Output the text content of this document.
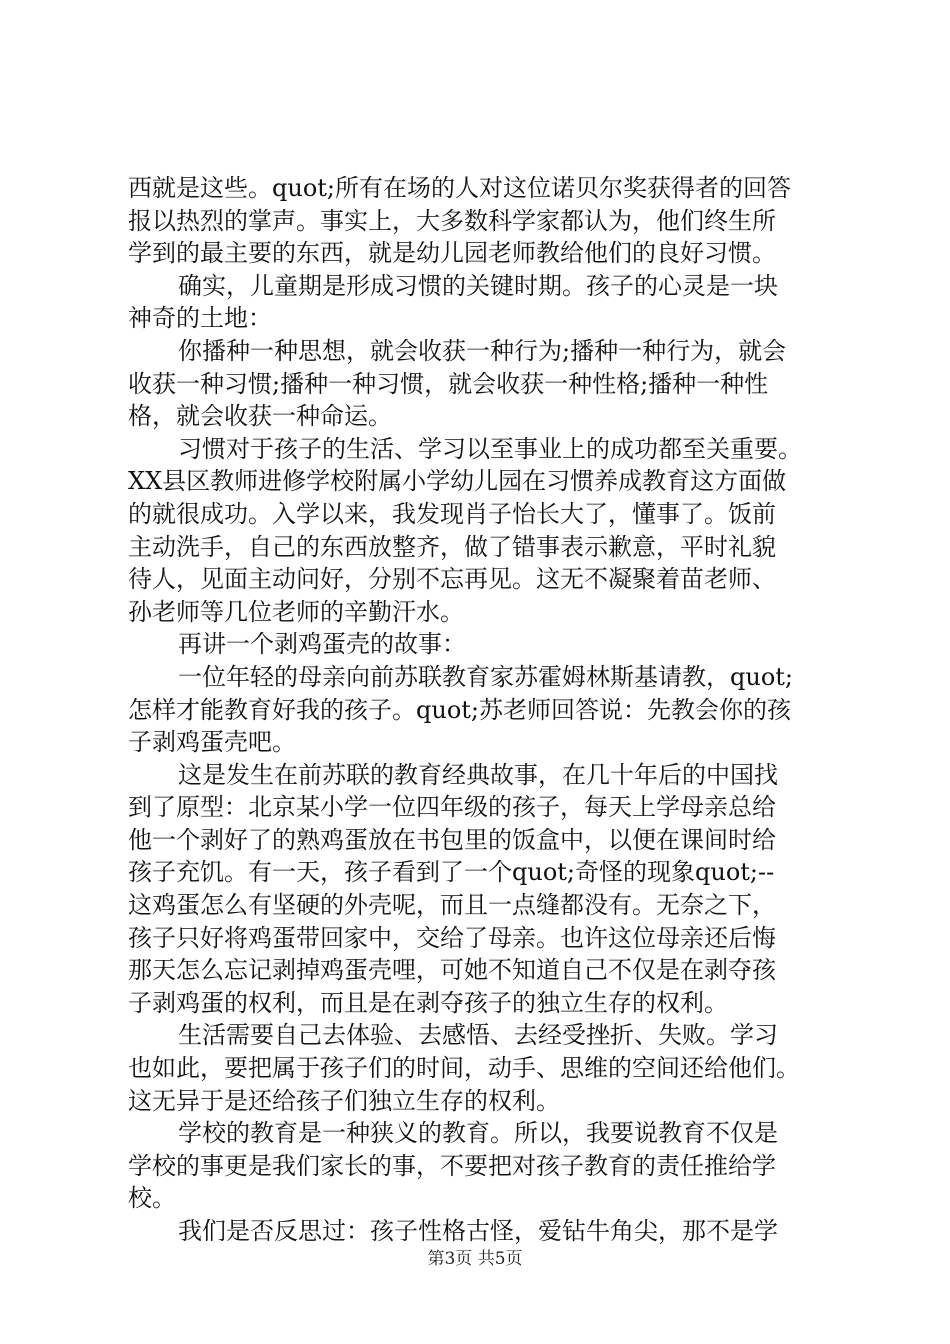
西就是这些。quot;所有在场的人对这位诺贝尔奖获得者的回答
报以热烈的掌声。事实上，大多数科学家都认为，他们终生所
学到的最主要的东西，就是幼儿园老师教给他们的良好习惯。
确实，儿童期是形成习惯的关键时期。孩子的心灵是一块
神奇的土地：
你播种一种思想，就会收获一种行为;播种一种行为，就会
收获一种习惯;播种一种习惯，就会收获一种性格;播种一种性
格，就会收获一种命运。
习惯对于孩子的生活、学习以至事业上的成功都至关重要。
XX县区教师进修学校附属小学幼儿园在习惯养成教育这方面做
的就很成功。入学以来，我发现肖子怡长大了，懂事了。饭前
主动洗手，自己的东西放整齐，做了错事表示歉意，平时礼貌
待人，见面主动问好，分别不忘再见。这无不凝聚着苗老师、
孙老师等几位老师的辛勤汗水。
再讲一个剥鸡蛋壳的故事：
一位年轻的母亲向前苏联教育家苏霍姆林斯基请教，quot;
怎样才能教育好我的孩子。quot;苏老师回答说：先教会你的孩
子剥鸡蛋壳吧。
这是发生在前苏联的教育经典故事，在几十年后的中国找
到了原型：北京某小学一位四年级的孩子，每天上学母亲总给
他一个剥好了的熟鸡蛋放在书包里的饭盒中，以便在课间时给
孩子充饥。有一天，孩子看到了一个quot;奇怪的现象quot;--
这鸡蛋怎么有坚硬的外壳呢，而且一点缝都没有。无奈之下，
孩子只好将鸡蛋带回家中，交给了母亲。也许这位母亲还后悔
那天怎么忘记剥掉鸡蛋壳哩，可她不知道自己不仅是在剥夺孩
子剥鸡蛋的权利，而且是在剥夺孩子的独立生存的权利。
生活需要自己去体验、去感悟、去经受挫折、失败。学习
也如此，要把属于孩子们的时间，动手、思维的空间还给他们。
这无异于是还给孩子们独立生存的权利。
学校的教育是一种狭义的教育。所以，我要说教育不仅是
学校的事更是我们家长的事，不要把对孩子教育的责任推给学
校。
我们是否反思过：孩子性格古怪，爱钻牛角尖，那不是学
第3页 共5页
